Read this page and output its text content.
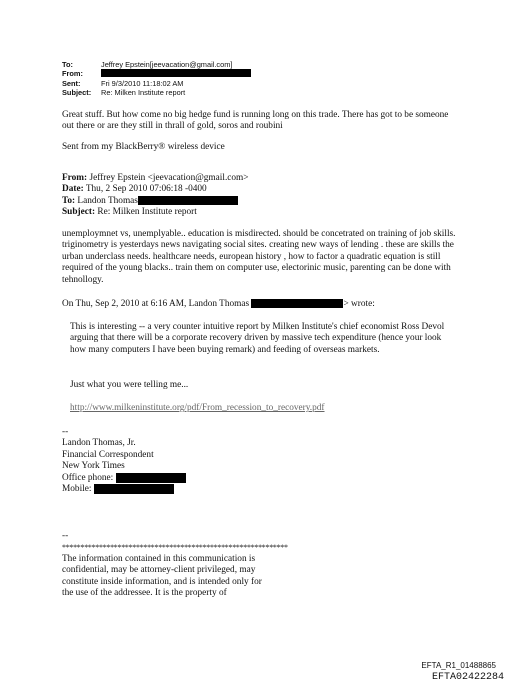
To:	Jeffrey Epstein[jeevacation@gmail.com]
From:
Sent:	Fri 9/3/2010 11:18:02 AM
Subject:	Re: Milken Institute report

Great stuff. But how come no big hedge fund is running long on this trade. There has got to be someone out there or are they still in thrall of gold, soros and roubini

Sent from my BlackBerry® wireless device

From: Jeffrey Epstein <jeevacation@gmail.com>

Date: Thu, 2 Sep 2010 07:06:18 -0400

To: Landon Thomas

Subject: Re: Milken Institute report

unemploymnet vs, unemplyable.. education is misdirected. should be concetrated on training of job skills. triginometry is yesterdays news navigating social sites. creating new ways of lending . these are skills the urban underclass needs. healthcare needs, european history , how to factor a quadratic equation is still required of the young blacks.. train them on computer use, electorinic music, parenting can be done with tehnollogy.

On Thu, Sep 2, 2010 at 6:16 AM, Landon Thomas	> wrote:

This is interesting -- a very counter intuitive report by Milken Institute's chief economist Ross Devol arguing that there will be a corporate recovery driven by massive tech expenditure (hence your look how many computers I have been buying remark) and feeding of overseas markets.

Just what you were telling me...

http://www.milkeninstitute.org/pdf/From_recession_to_recovery.pdf

--

Landon Thomas, Jr.

Financial Correspondent

New York Times

Office phone:

Mobile:

--

*************************************************************

The information contained in this communication is

confidential, may be attorney-client privileged, may

constitute inside information, and is intended only for

the use of the addressee. It is the property of

EFTA_R1_01488865
EFTA02422284
